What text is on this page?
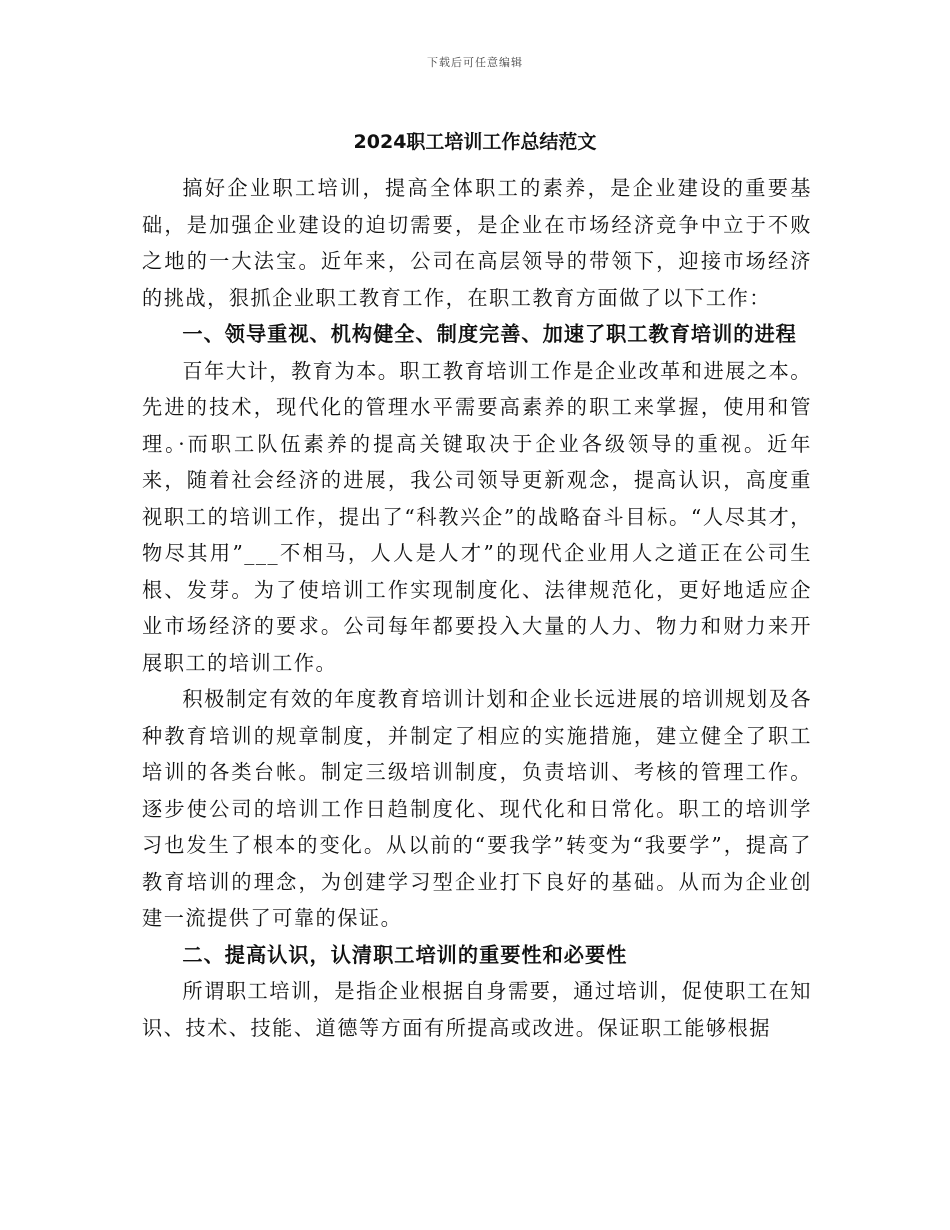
下载后可任意编辑
2024职工培训工作总结范文

搞好企业职工培训，提高全体职工的素养，是企业建设的重要基础，是加强企业建设的迫切需要，是企业在市场经济竞争中立于不败之地的一大法宝。近年来，公司在高层领导的带领下，迎接市场经济的挑战，狠抓企业职工教育工作，在职工教育方面做了以下工作：

一、领导重视、机构健全、制度完善、加速了职工教育培训的进程

百年大计，教育为本。职工教育培训工作是企业改革和进展之本。先进的技术，现代化的管理水平需要高素养的职工来掌握，使用和管理。·而职工队伍素养的提高关键取决于企业各级领导的重视。近年来，随着社会经济的进展，我公司领导更新观念，提高认识，高度重视职工的培训工作，提出了“科教兴企”的战略奋斗目标。“人尽其才，物尽其用”___不相马，人人是人才”的现代企业用人之道正在公司生根、发芽。为了使培训工作实现制度化、法律规范化，更好地适应企业市场经济的要求。公司每年都要投入大量的人力、物力和财力来开展职工的培训工作。

积极制定有效的年度教育培训计划和企业长远进展的培训规划及各种教育培训的规章制度，并制定了相应的实施措施，建立健全了职工培训的各类台帐。制定三级培训制度，负责培训、考核的管理工作。逐步使公司的培训工作日趋制度化、现代化和日常化。职工的培训学习也发生了根本的变化。从以前的“要我学”转变为“我要学”，提高了教育培训的理念，为创建学习型企业打下良好的基础。从而为企业创建一流提供了可靠的保证。

二、提高认识，认清职工培训的重要性和必要性

所谓职工培训，是指企业根据自身需要，通过培训，促使职工在知识、技术、技能、道德等方面有所提高或改进。保证职工能够根据
